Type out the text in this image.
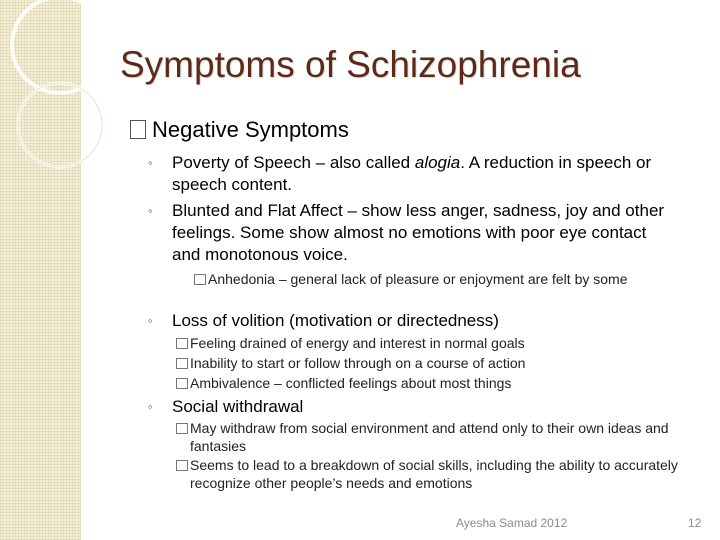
Symptoms of Schizophrenia
Negative Symptoms
◦ Poverty of Speech – also called alogia. A reduction in speech or speech content.
◦ Blunted and Flat Affect – show less anger, sadness, joy and other feelings. Some show almost no emotions with poor eye contact and monotonous voice.
Anhedonia – general lack of pleasure or enjoyment are felt by some
◦ Loss of volition (motivation or directedness)
Feeling drained of energy and interest in normal goals
Inability to start or follow through on a course of action
Ambivalence – conflicted feelings about most things
◦ Social withdrawal
May withdraw from social environment and attend only to their own ideas and fantasies
Seems to lead to a breakdown of social skills, including the ability to accurately recognize other people’s needs and emotions
Ayesha Samad 2012	12
